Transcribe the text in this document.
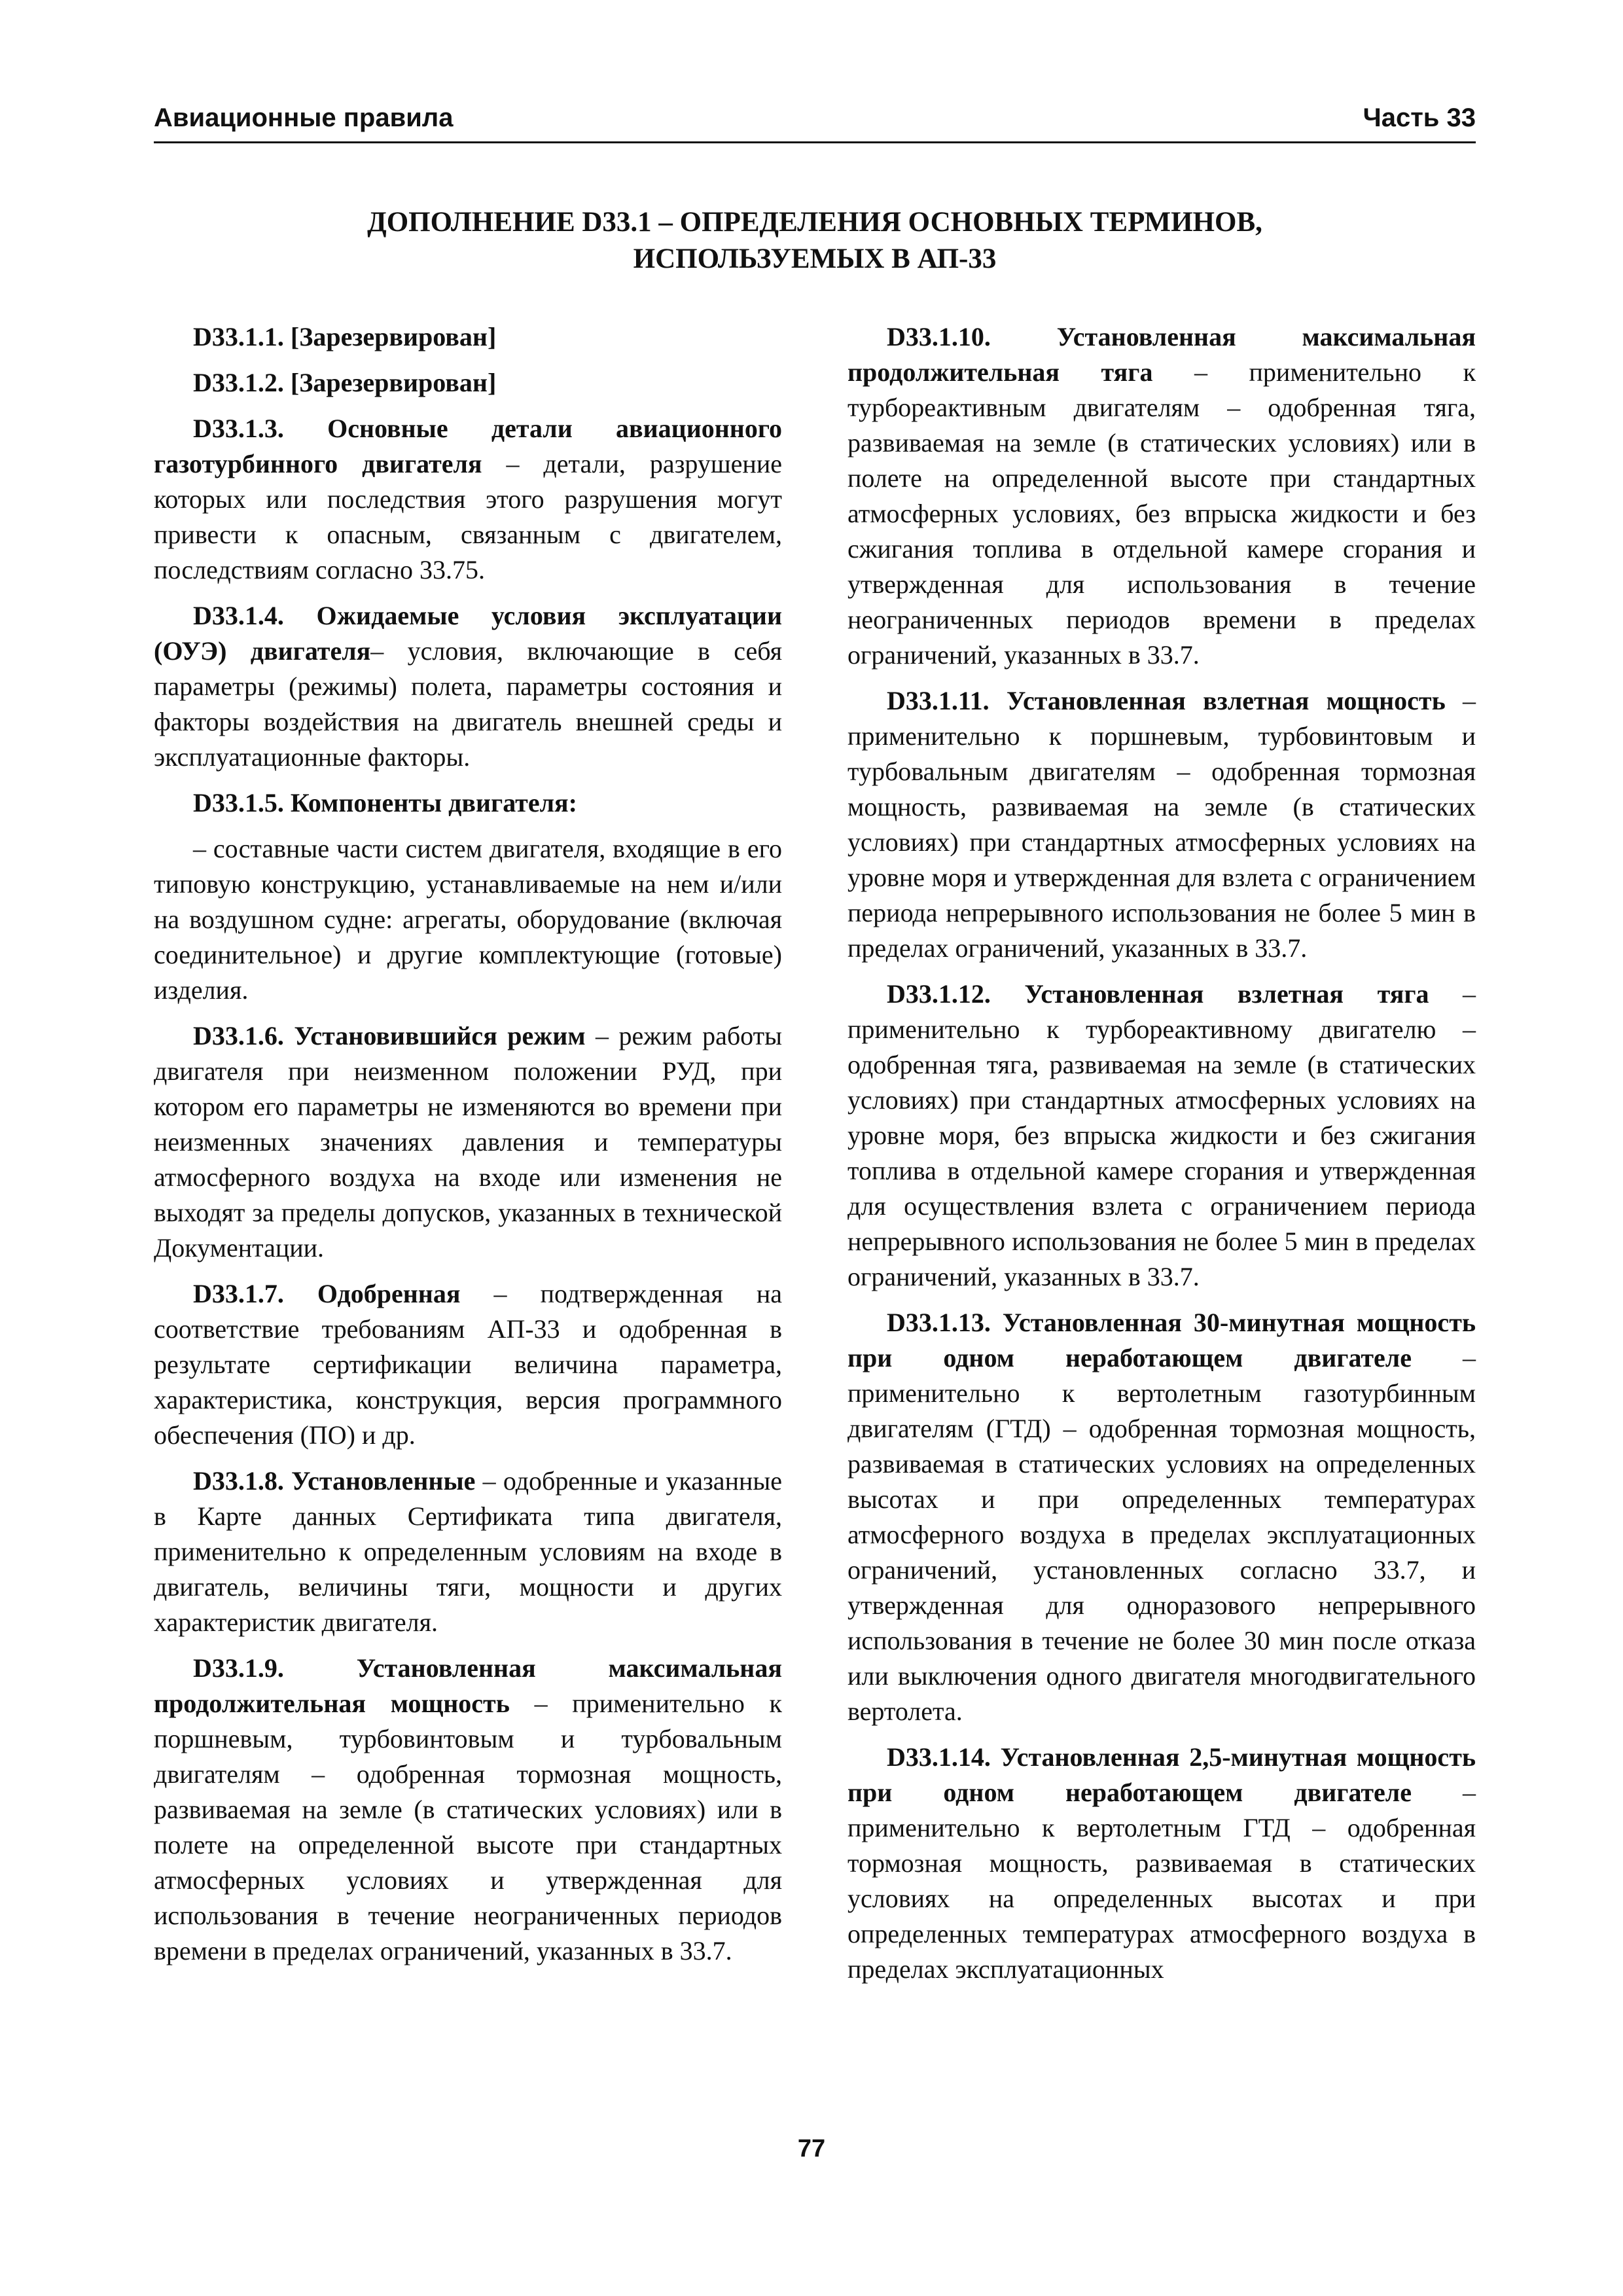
Авиационные правила	Часть 33
ДОПОЛНЕНИЕ D33.1 – ОПРЕДЕЛЕНИЯ ОСНОВНЫХ ТЕРМИНОВ,
ИСПОЛЬЗУЕМЫХ В АП-33

D33.1.1. [Зарезервирован]

D33.1.2. [Зарезервирован]

D33.1.3. Основные детали авиационного газотурбинного двигателя – детали, разрушение которых или последствия этого разрушения могут привести к опасным, связанным с двигателем, последствиям согласно 33.75.

D33.1.4. Ожидаемые условия эксплуатации (ОУЭ) двигателя– условия, включающие в себя параметры (режимы) полета, параметры состояния и факторы воздействия на двигатель внешней среды и эксплуатационные факторы.

D33.1.5. Компоненты двигателя:

– составные части систем двигателя, входящие в его типовую конструкцию, устанавливаемые на нем и/или на воздушном судне: агрегаты, оборудование (включая соединительное) и другие комплектующие (готовые) изделия.

D33.1.6. Установившийся режим – режим работы двигателя при неизменном положении РУД, при котором его параметры не изменяются во времени при неизменных значениях давления и температуры атмосферного воздуха на входе или изменения не выходят за пределы допусков, указанных в технической Документации.

D33.1.7. Одобренная – подтвержденная на соответствие требованиям АП-33 и одобренная в результате сертификации величина параметра, характеристика, конструкция, версия программного обеспечения (ПО) и др.

D33.1.8. Установленные – одобренные и указанные в Карте данных Сертификата типа двигателя, применительно к определенным условиям на входе в двигатель, величины тяги, мощности и других характеристик двигателя.

D33.1.9. Установленная максимальная продолжительная мощность – применительно к поршневым, турбовинтовым и турбовальным двигателям – одобренная тормозная мощность, развиваемая на земле (в статических условиях) или в полете на определенной высоте при стандартных атмосферных условиях и утвержденная для использования в течение неограниченных периодов времени в пределах ограничений, указанных в 33.7.

D33.1.10. Установленная максимальная продолжительная тяга – применительно к турбореактивным двигателям – одобренная тяга, развиваемая на земле (в статических условиях) или в полете на определенной высоте при стандартных атмосферных условиях, без впрыска жидкости и без сжигания топлива в отдельной камере сгорания и утвержденная для использования в течение неограниченных периодов времени в пределах ограничений, указанных в 33.7.

D33.1.11. Установленная взлетная мощность – применительно к поршневым, турбовинтовым и турбовальным двигателям – одобренная тормозная мощность, развиваемая на земле (в статических условиях) при стандартных атмосферных условиях на уровне моря и утвержденная для взлета с ограничением периода непрерывного использования не более 5 мин в пределах ограничений, указанных в 33.7.

D33.1.12. Установленная взлетная тяга – применительно к турбореактивному двигателю – одобренная тяга, развиваемая на земле (в статических условиях) при стандартных атмосферных условиях на уровне моря, без впрыска жидкости и без сжигания топлива в отдельной камере сгорания и утвержденная для осуществления взлета с ограничением периода непрерывного использования не более 5 мин в пределах ограничений, указанных в 33.7.

D33.1.13. Установленная 30-минутная мощность при одном неработающем двигателе – применительно к вертолетным газотурбинным двигателям (ГТД) – одобренная тормозная мощность, развиваемая в статических условиях на определенных высотах и при определенных температурах атмосферного воздуха в пределах эксплуатационных ограничений, установленных согласно 33.7, и утвержденная для одноразового непрерывного использования в течение не более 30 мин после отказа или выключения одного двигателя многодвигательного вертолета.

D33.1.14. Установленная 2,5-минутная мощность при одном неработающем двигателе – применительно к вертолетным ГТД – одобренная тормозная мощность, развиваемая в статических условиях на определенных высотах и при определенных температурах атмосферного воздуха в пределах эксплуатационных

77
